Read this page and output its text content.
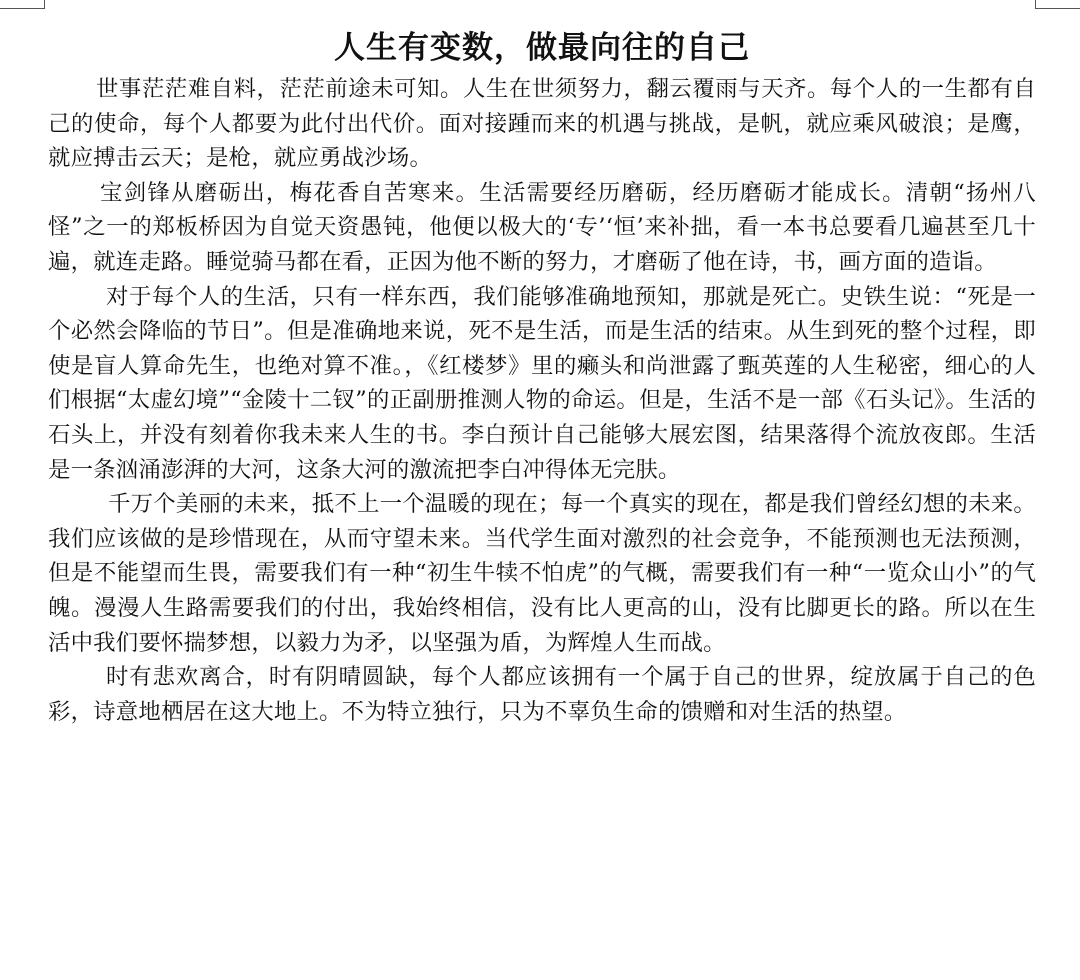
人生有变数，做最向往的自己

世事茫茫难自料，茫茫前途未可知。人生在世须努力，翻云覆雨与天齐。每个人的一生都有自己的使命，每个人都要为此付出代价。面对接踵而来的机遇与挑战，是帆，就应乘风破浪；是鹰，就应搏击云天；是枪，就应勇战沙场。

宝剑锋从磨砺出，梅花香自苦寒来。生活需要经历磨砺，经历磨砺才能成长。清朝“扬州八怪”之一的郑板桥因为自觉天资愚钝，他便以极大的‘专’‘恒’来补拙，看一本书总要看几遍甚至几十遍，就连走路。睡觉骑马都在看，正因为他不断的努力，才磨砺了他在诗，书，画方面的造诣。

对于每个人的生活，只有一样东西，我们能够准确地预知，那就是死亡。史铁生说：“死是一个必然会降临的节日”。但是准确地来说，死不是生活，而是生活的结束。从生到死的整个过程，即使是盲人算命先生，也绝对算不准。，《红楼梦》里的癞头和尚泄露了甄英莲的人生秘密，细心的人们根据“太虚幻境”“金陵十二钗”的正副册推测人物的命运。但是，生活不是一部《石头记》。生活的石头上，并没有刻着你我未来人生的书。李白预计自己能够大展宏图，结果落得个流放夜郎。生活是一条汹涌澎湃的大河，这条大河的激流把李白冲得体无完肤。

千万个美丽的未来，抵不上一个温暖的现在；每一个真实的现在，都是我们曾经幻想的未来。我们应该做的是珍惜现在，从而守望未来。当代学生面对激烈的社会竞争，不能预测也无法预测，但是不能望而生畏，需要我们有一种“初生牛犊不怕虎”的气概，需要我们有一种“一览众山小”的气魄。漫漫人生路需要我们的付出，我始终相信，没有比人更高的山，没有比脚更长的路。所以在生活中我们要怀揣梦想，以毅力为矛，以坚强为盾，为辉煌人生而战。

时有悲欢离合，时有阴晴圆缺，每个人都应该拥有一个属于自己的世界，绽放属于自己的色彩，诗意地栖居在这大地上。不为特立独行，只为不辜负生命的馈赠和对生活的热望。
